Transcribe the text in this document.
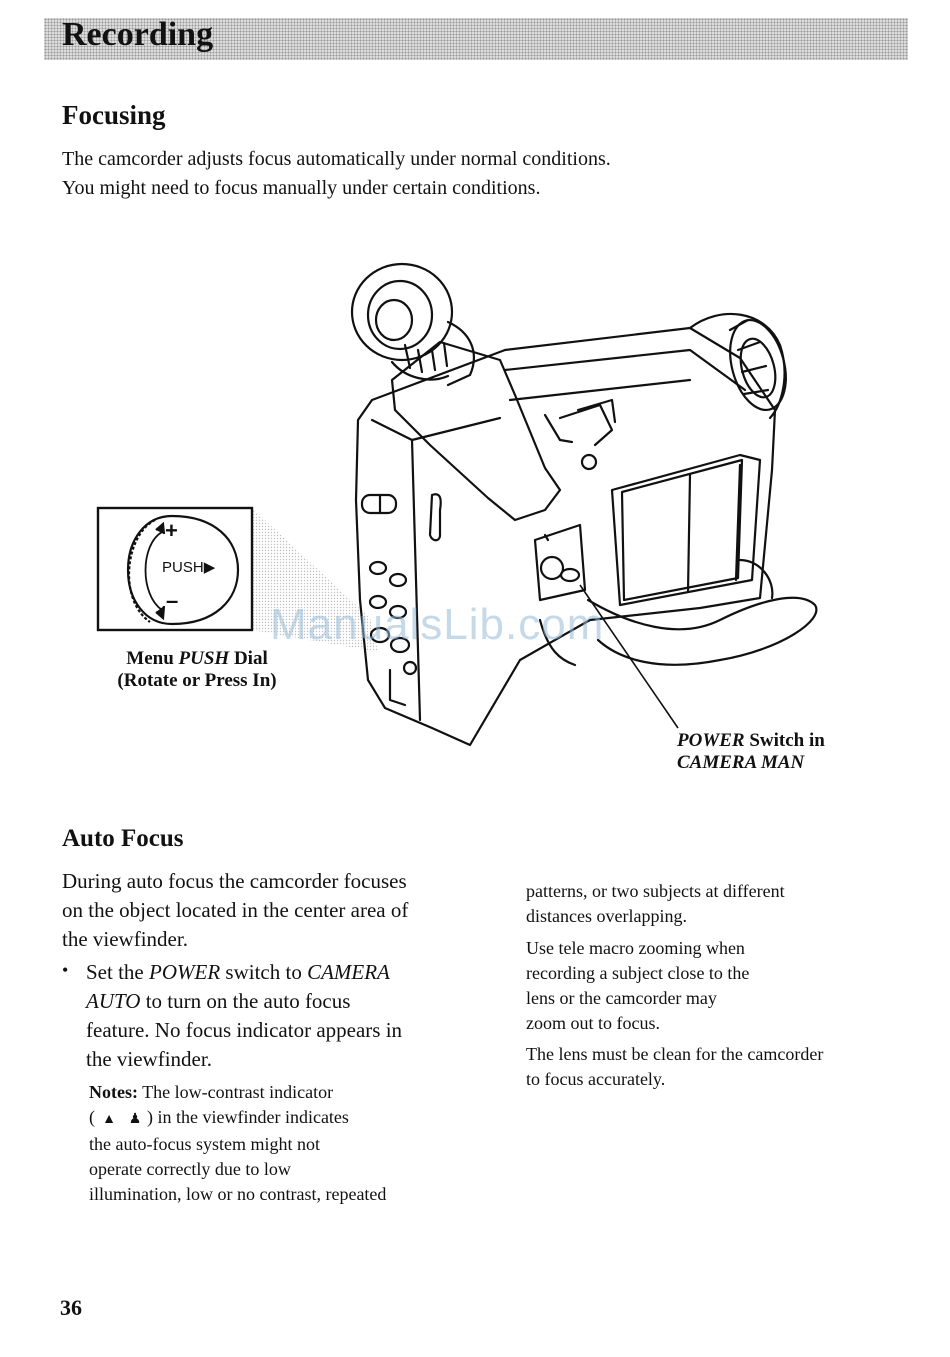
Recording
Focusing

The camcorder adjusts focus automatically under normal conditions.

You might need to focus manually under certain conditions.

+
PUSH▶
–
Menu PUSH Dial
(Rotate or Press In)
POWER Switch in
CAMERA MAN
ManualsLib.com
Auto Focus

During auto focus the camcorder focuses

on the object located in the center area of

the viewfinder.

• Set the POWER switch to CAMERA

AUTO to turn on the auto focus

feature. No focus indicator appears in

the viewfinder.

Notes: The low-contrast indicator

( ▲ ♟ ) in the viewfinder indicates

the auto-focus system might not

operate correctly due to low

illumination, low or no contrast, repeated

patterns, or two subjects at different

distances overlapping.

Use tele macro zooming when

recording a subject close to the

lens or the camcorder may

zoom out to focus.

The lens must be clean for the camcorder

to focus accurately.

36
